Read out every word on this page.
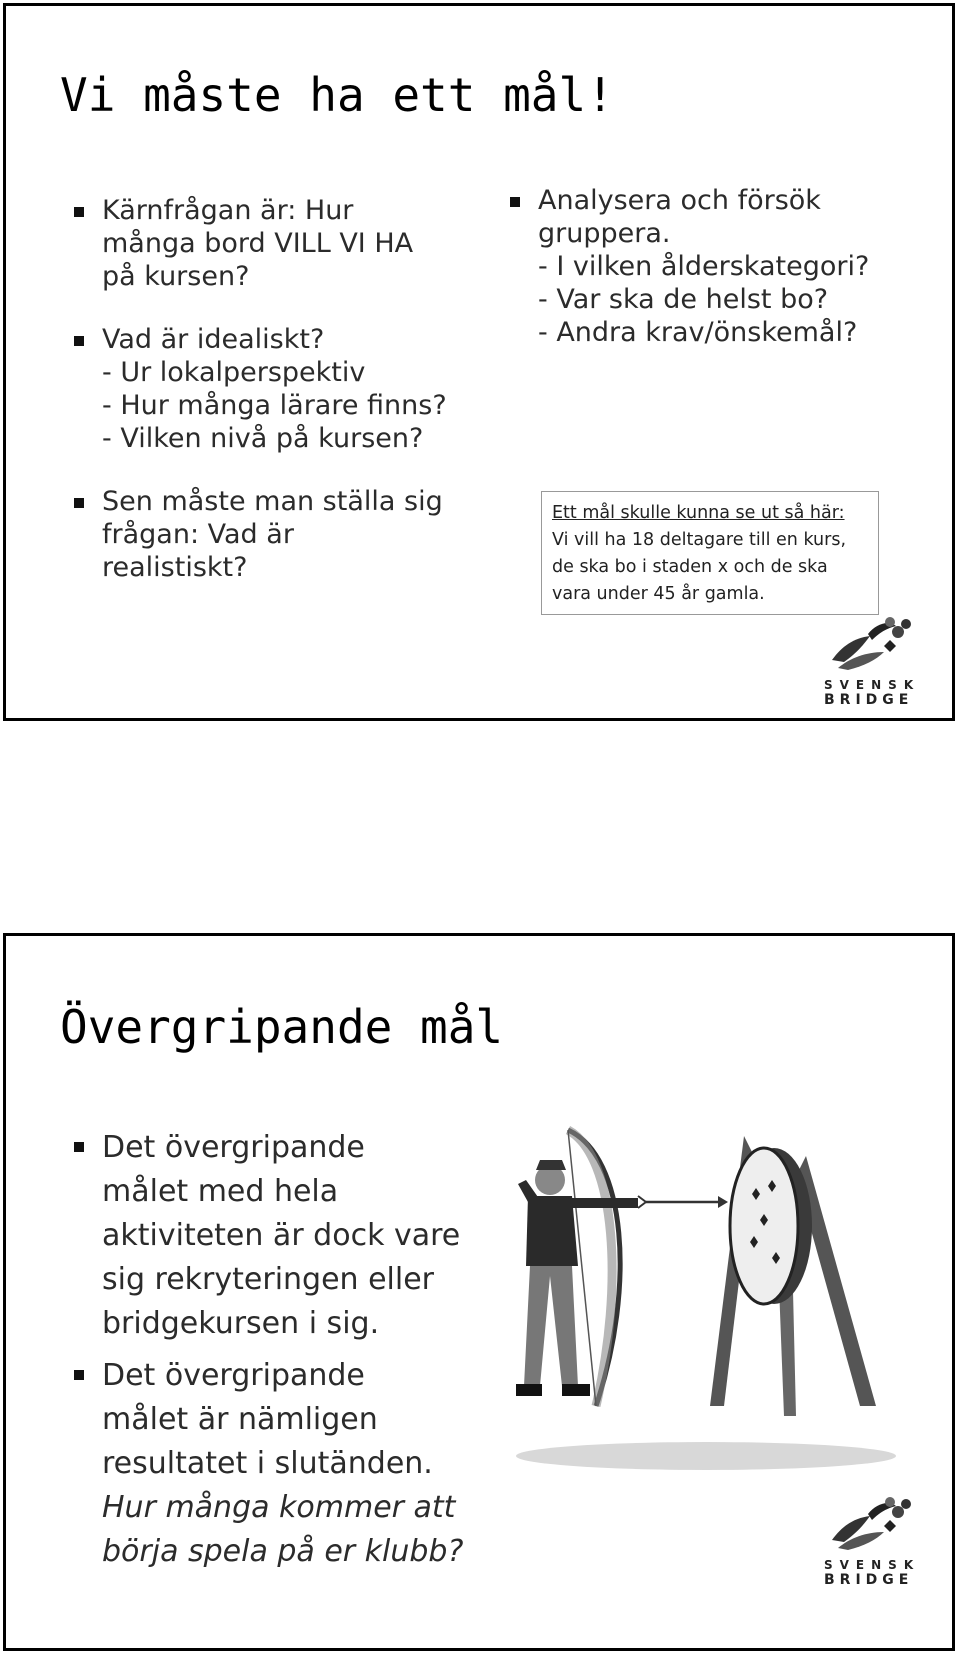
Vi måste ha ett mål!
Kärnfrågan är: Hur
många bord VILL VI HA
på kursen?
Vad är idealiskt?
- Ur lokalperspektiv
- Hur många lärare finns?
- Vilken nivå på kursen?
Sen måste man ställa sig
frågan: Vad är
realistiskt?
Analysera och försök
gruppera.
- I vilken ålderskategori?
- Var ska de helst bo?
- Andra krav/önskemål?
Ett mål skulle kunna se ut så här:
Vi vill ha 18 deltagare till en kurs,
de ska bo i staden x och de ska
vara under 45 år gamla.
SVENSK
BRIDGE
Övergripande mål
Det övergripande
målet med hela
aktiviteten är dock vare
sig rekryteringen eller
bridgekursen i sig.
Det övergripande
målet är nämligen
resultatet i slutänden.
Hur många kommer att
börja spela på er klubb?	SVENSK
BRIDGE
